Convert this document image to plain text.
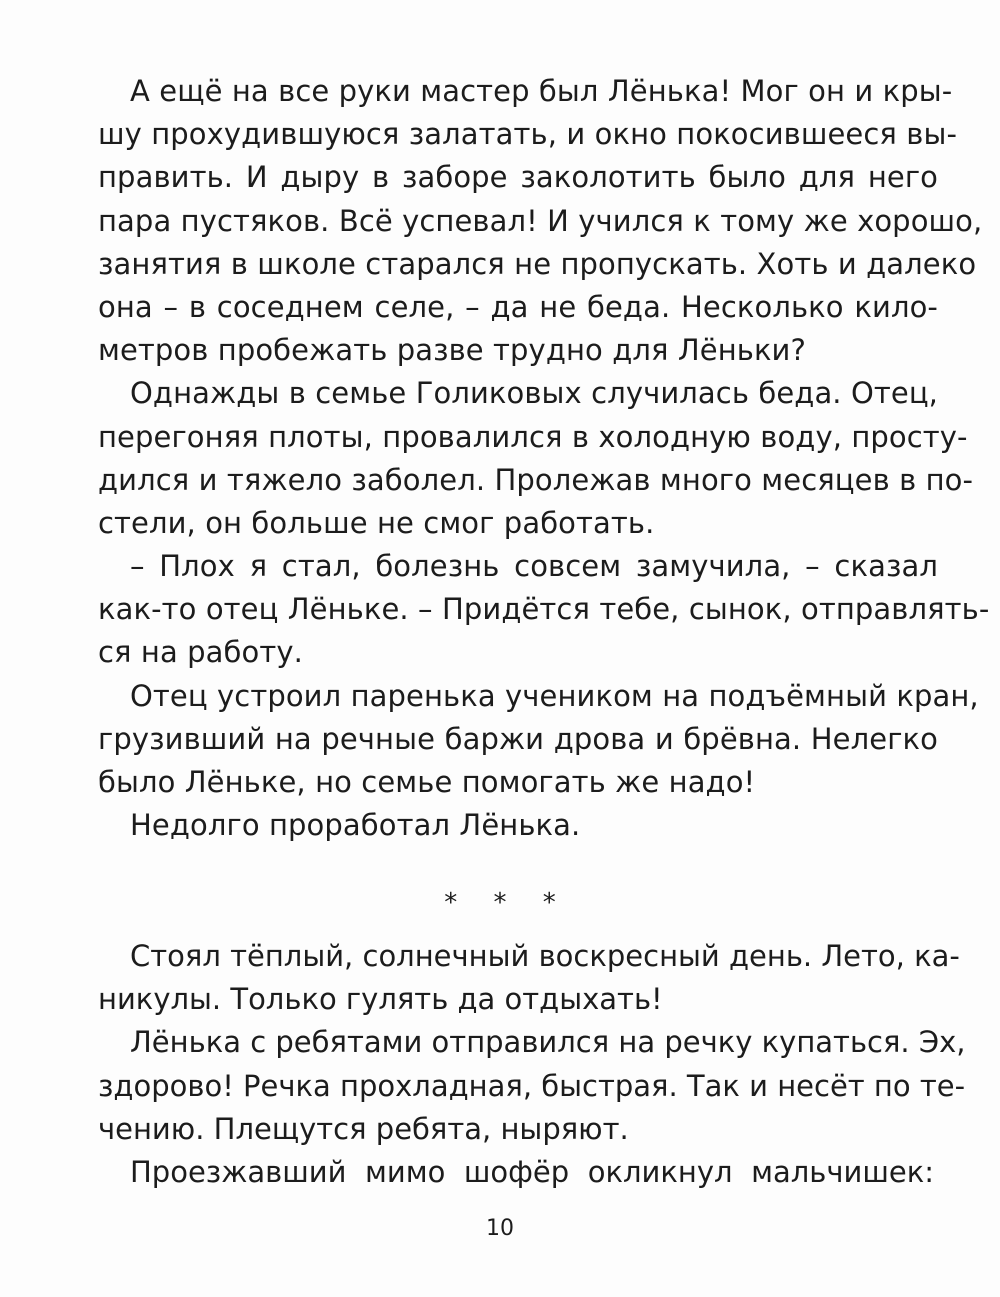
А ещё на все руки мастер был Лёнька! Мог он и кры-
шу прохудившуюся залатать, и окно покосившееся вы-
править. И дыру в заборе заколотить было для него
пара пустяков. Всё успевал! И учился к тому же хорошо,
занятия в школе старался не пропускать. Хоть и далеко
она – в соседнем селе, – да не беда. Несколько кило-
метров пробежать разве трудно для Лёньки?
Однажды в семье Голиковых случилась беда. Отец,
перегоняя плоты, провалился в холодную воду, просту-
дился и тяжело заболел. Пролежав много месяцев в по-
стели, он больше не смог работать.
– Плох я стал, болезнь совсем замучила, – сказал
как-то отец Лёньке. – Придётся тебе, сынок, отправлять-
ся на работу.
Отец устроил паренька учеником на подъёмный кран,
грузивший на речные баржи дрова и брёвна. Нелегко
было Лёньке, но семье помогать же надо!
Недолго проработал Лёнька.
* * *
Стоял тёплый, солнечный воскресный день. Лето, ка-
никулы. Только гулять да отдыхать!
Лёнька с ребятами отправился на речку купаться. Эх,
здорово! Речка прохладная, быстрая. Так и несёт по те-
чению. Плещутся ребята, ныряют.
Проезжавший мимо шофёр окликнул мальчишек:
10
